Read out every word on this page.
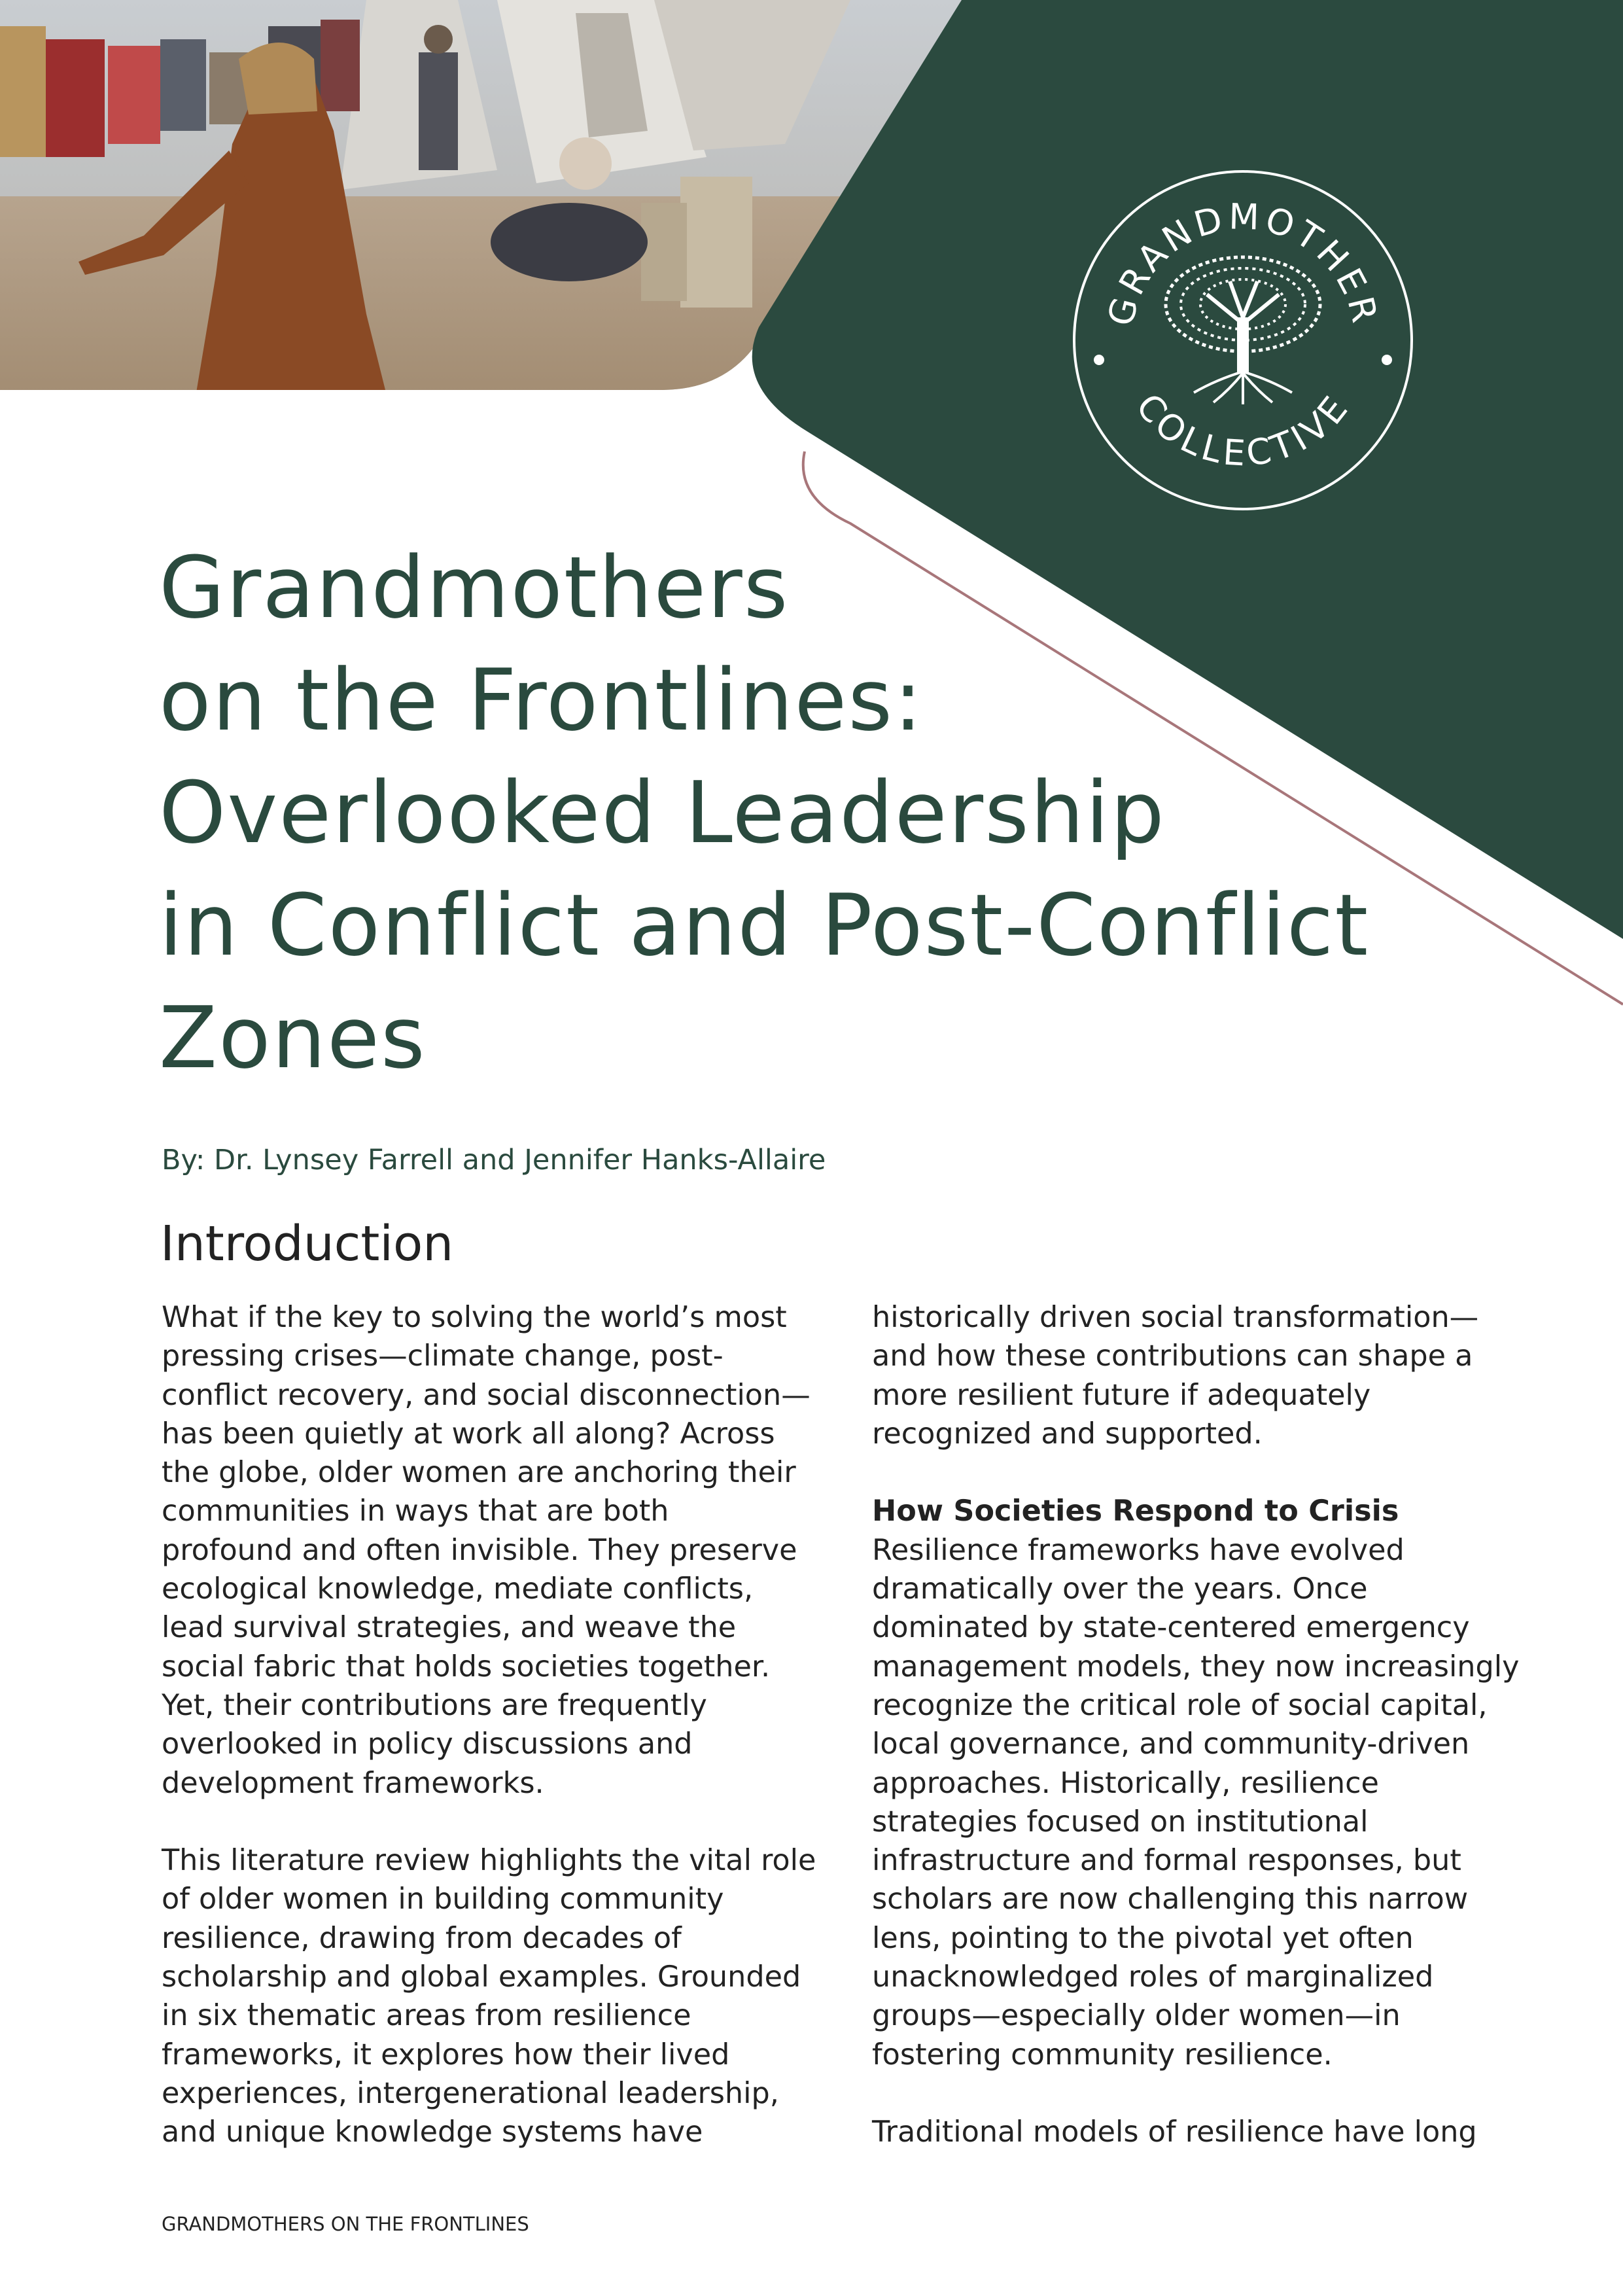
GRANDMOTHER
COLLECTIVE
Grandmothers
on the Frontlines:
Overlooked Leadership
in Conflict and Post-Conflict
Zones

By: Dr. Lynsey Farrell and Jennifer Hanks-Allaire

Introduction
What if the key to solving the world’s most
pressing crises—climate change, post-
conflict recovery, and social disconnection—
has been quietly at work all along? Across
the globe, older women are anchoring their
communities in ways that are both
profound and often invisible. They preserve
ecological knowledge, mediate conflicts,
lead survival strategies, and weave the
social fabric that holds societies together.
Yet, their contributions are frequently
overlooked in policy discussions and
development frameworks.
This literature review highlights the vital role
of older women in building community
resilience, drawing from decades of
scholarship and global examples. Grounded
in six thematic areas from resilience
frameworks, it explores how their lived
experiences, intergenerational leadership,
and unique knowledge systems have
historically driven social transformation—
and how these contributions can shape a
more resilient future if adequately
recognized and supported.
How Societies Respond to Crisis
Resilience frameworks have evolved
dramatically over the years. Once
dominated by state-centered emergency
management models, they now increasingly
recognize the critical role of social capital,
local governance, and community-driven
approaches. Historically, resilience
strategies focused on institutional
infrastructure and formal responses, but
scholars are now challenging this narrow
lens, pointing to the pivotal yet often
unacknowledged roles of marginalized
groups—especially older women—in
fostering community resilience.
Traditional models of resilience have long

GRANDMOTHERS ON THE FRONTLINES
